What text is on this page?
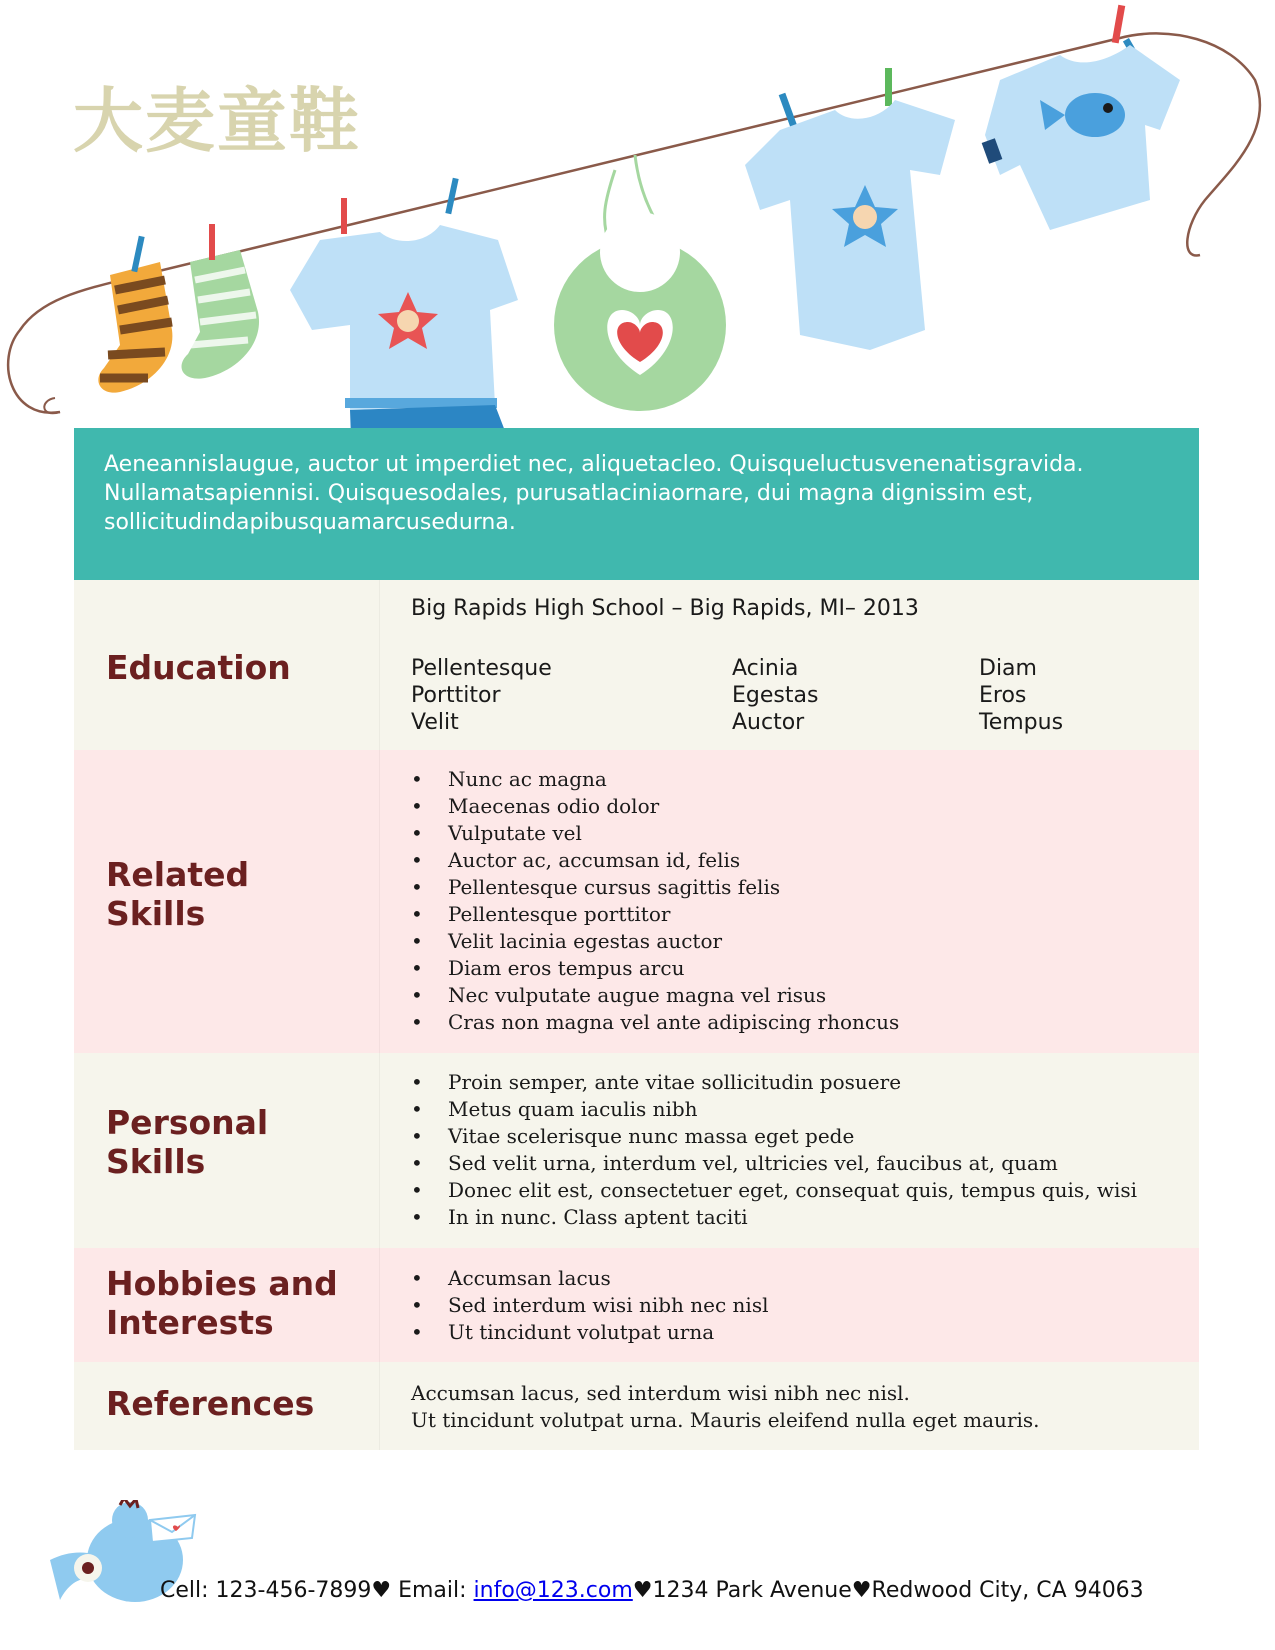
大麦童鞋

Aeneannislaugue, auctor ut imperdiet nec, aliquetacleo. Quisqueluctusvenenatisgravida. Nullamatsapiennisi. Quisquesodales, purusatlaciniaornare, dui magna dignissim est, sollicitudindapibusquamarcusedurna.

Education
Big Rapids High School – Big Rapids, MI– 2013
Pellentesque
Porttitor
Velit
Acinia
Egestas
Auctor
Diam
Eros
Tempus
Related
Skills
• Nunc ac magna
• Maecenas odio dolor
• Vulputate vel
• Auctor ac, accumsan id, felis
• Pellentesque cursus sagittis felis
• Pellentesque porttitor
• Velit lacinia egestas auctor
• Diam eros tempus arcu
• Nec vulputate augue magna vel risus
• Cras non magna vel ante adipiscing rhoncus
Personal
Skills
• Proin semper, ante vitae sollicitudin posuere
• Metus quam iaculis nibh
• Vitae scelerisque nunc massa eget pede
• Sed velit urna, interdum vel, ultricies vel, faucibus at, quam
• Donec elit est, consectetuer eget, consequat quis, tempus quis, wisi
• In in nunc. Class aptent taciti
Hobbies and
Interests
• Accumsan lacus
• Sed interdum wisi nibh nec nisl
• Ut tincidunt volutpat urna
References	Accumsan lacus, sed interdum wisi nibh nec nisl.
Ut tincidunt volutpat urna. Mauris eleifend nulla eget mauris.
Cell: 123-456-7899♥ Email: info@123.com♥1234 Park Avenue♥Redwood City, CA 94063
